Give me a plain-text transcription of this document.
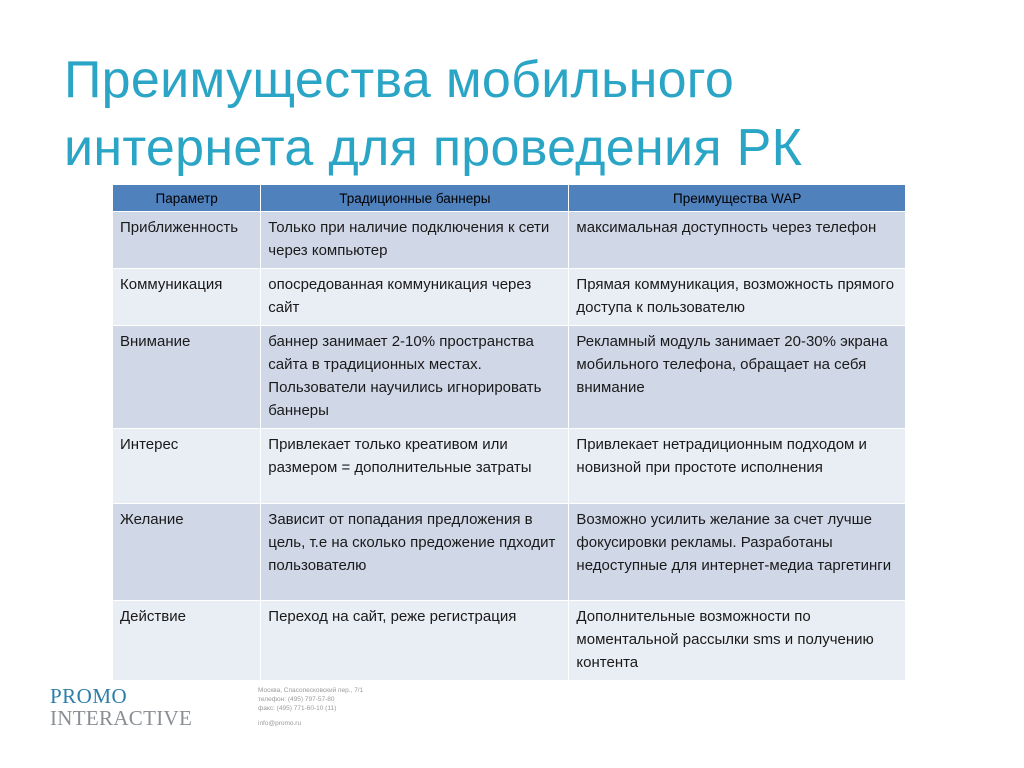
Преимущества мобильного
интернета для проведения РК
Параметр	Традиционные баннеры	Преимущества WAP
Приближенность	Только при наличие подключения к сети через компьютер	максимальная доступность через телефон
Коммуникация	опосредованная коммуникация через сайт	Прямая коммуникация, возможность прямого доступа к пользователю
Внимание	баннер занимает 2-10% пространства сайта в традиционных местах. Пользователи научились игнорировать баннеры	Рекламный модуль занимает 20-30% экрана мобильного телефона, обращает на себя внимание
Интерес	Привлекает только креативом или размером = дополнительные затраты	Привлекает нетрадиционным подходом и новизной при простоте исполнения
Желание	Зависит от попадания предложения в цель, т.е на сколько предожение пдходит пользователю	Возможно усилить желание за счет лучше фокусировки рекламы. Разработаны недоступные для интернет-медиа таргетинги
Действие	Переход на сайт, реже регистрация	Дополнительные возможности по моментальной рассылки sms и получению контента
PROMO
INTERACTIVE
Москва, Спасопесковский пер., 7/1
телефон: (495) 797-57-80
факс: (495) 771-60-10 (11)
info@promo.ru
